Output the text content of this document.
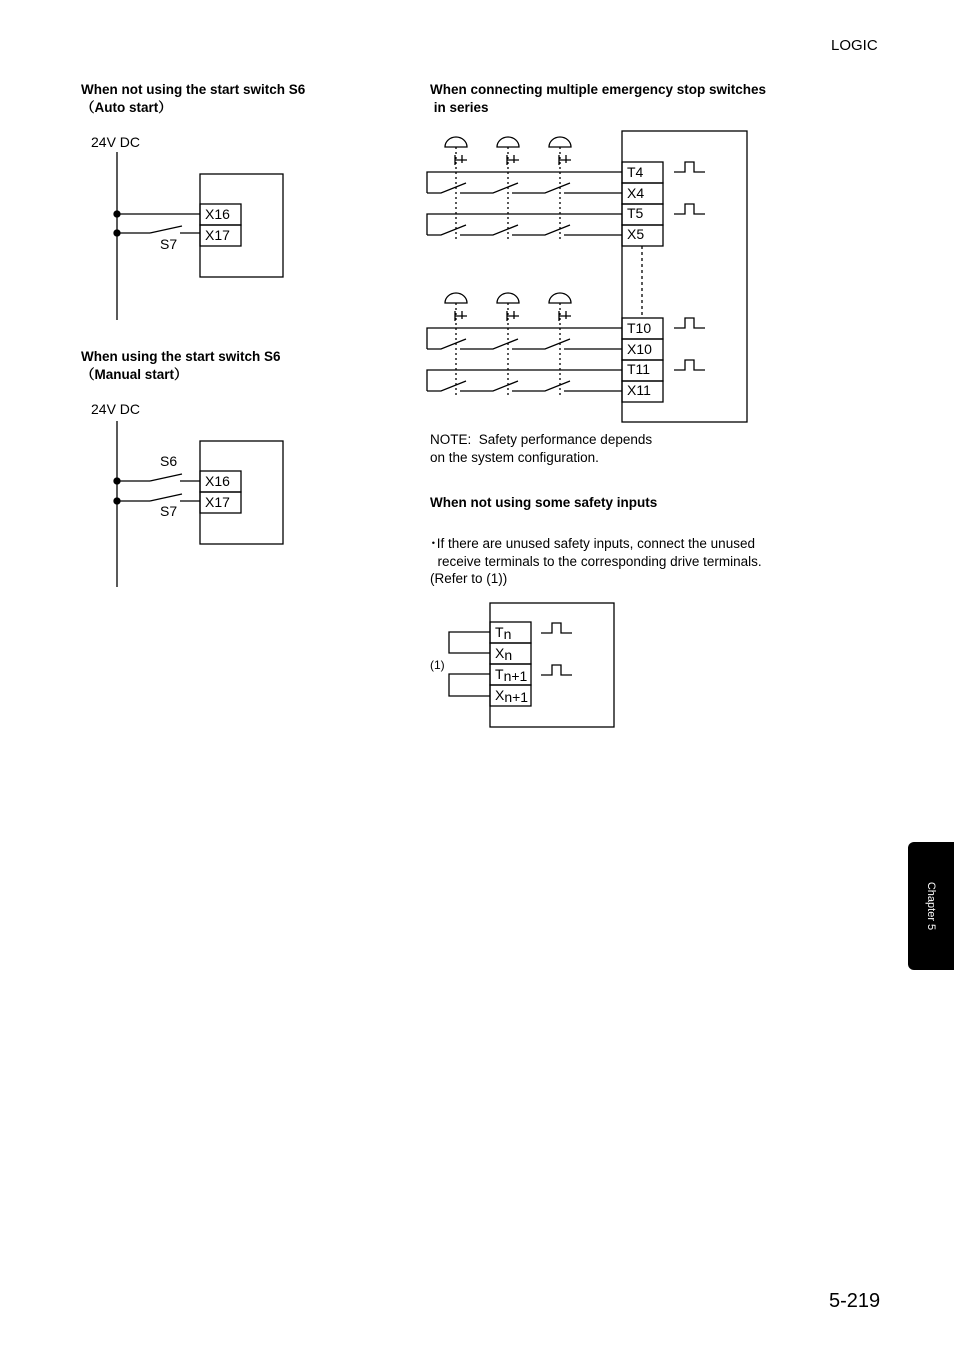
LOGIC
When not using the start switch S6
（Auto start）
When using the start switch S6
（Manual start）
When connecting multiple emergency stop switches
in series
NOTE:  Safety performance depends
on the system configuration.
When not using some safety inputs
･If there are unused safety inputs, connect the unused
receive terminals to the corresponding drive terminals.
(Refer to (1))
24V DC
X16
X17
S7
24V DC
S6
X16
X17
S7
T4
X4
T5
X5
T10
X10
T11
X11
(1)
Tn
Xn
Tn+1
Xn+1
Chapter 5
5-219
